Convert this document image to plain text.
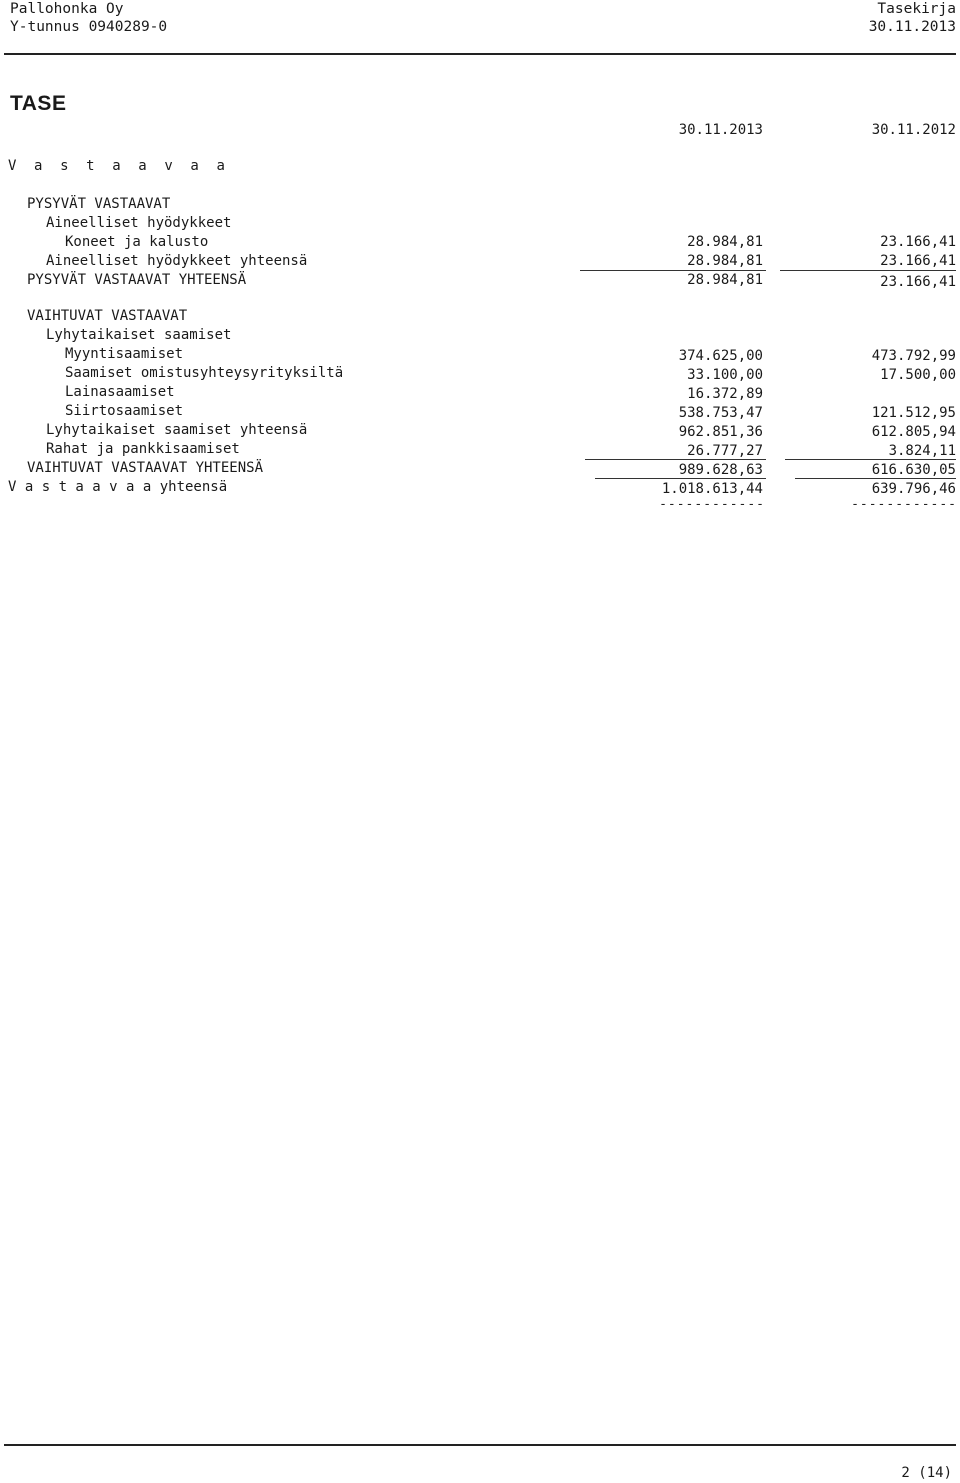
Pallohonka Oy
Y-tunnus 0940289-0
Tasekirja
30.11.2013
TASE
30.11.2013	30.11.2012
V a s t a a v a a
PYSYVÄT VASTAAVAT
Aineelliset hyödykkeet
Koneet ja kalusto	28.984,81	23.166,41
Aineelliset hyödykkeet yhteensä	28.984,81	23.166,41
PYSYVÄT VASTAAVAT YHTEENSÄ	28.984,81	23.166,41
VAIHTUVAT VASTAAVAT
Lyhytaikaiset saamiset
Myyntisaamiset	374.625,00	473.792,99
Saamiset omistusyhteysyrityksiltä	33.100,00	17.500,00
Lainasaamiset	16.372,89
Siirtosaamiset	538.753,47	121.512,95
Lyhytaikaiset saamiset yhteensä	962.851,36	612.805,94
Rahat ja pankkisaamiset	26.777,27	3.824,11
VAIHTUVAT VASTAAVAT YHTEENSÄ	989.628,63	616.630,05
V a s t a a v a a yhteensä	1.018.613,44	639.796,46
------------	------------
2 (14)
